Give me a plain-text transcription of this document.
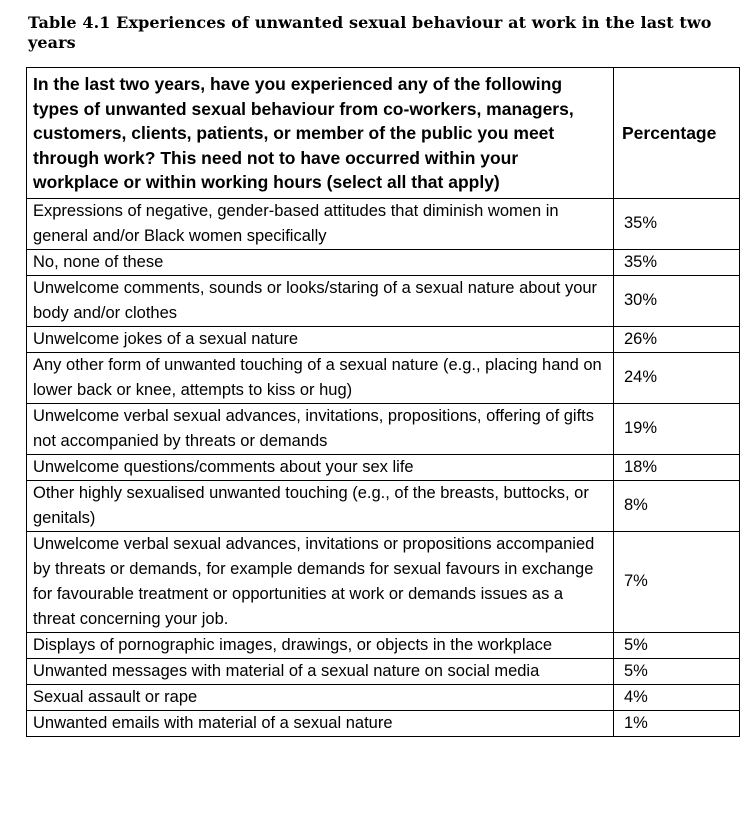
Table 4.1 Experiences of unwanted sexual behaviour at work in the last two years
In the last two years, have you experienced any of the following types of unwanted sexual behaviour from co-workers, managers, customers, clients, patients, or member of the public you meet through work? This need not to have occurred within your workplace or within working hours (select all that apply)	Percentage
Expressions of negative, gender-based attitudes that diminish women in general and/or Black women specifically	35%
No, none of these	35%
Unwelcome comments, sounds or looks/staring of a sexual nature about your body and/or clothes	30%
Unwelcome jokes of a sexual nature	26%
Any other form of unwanted touching of a sexual nature (e.g., placing hand on lower back or knee, attempts to kiss or hug)	24%
Unwelcome verbal sexual advances, invitations, propositions, offering of gifts not accompanied by threats or demands	19%
Unwelcome questions/comments about your sex life	18%
Other highly sexualised unwanted touching (e.g., of the breasts, buttocks, or genitals)	8%
Unwelcome verbal sexual advances, invitations or propositions accompanied by threats or demands, for example demands for sexual favours in exchange for favourable treatment or opportunities at work or demands issues as a threat concerning your job.	7%
Displays of pornographic images, drawings, or objects in the workplace	5%
Unwanted messages with material of a sexual nature on social media	5%
Sexual assault or rape	4%
Unwanted emails with material of a sexual nature	1%
